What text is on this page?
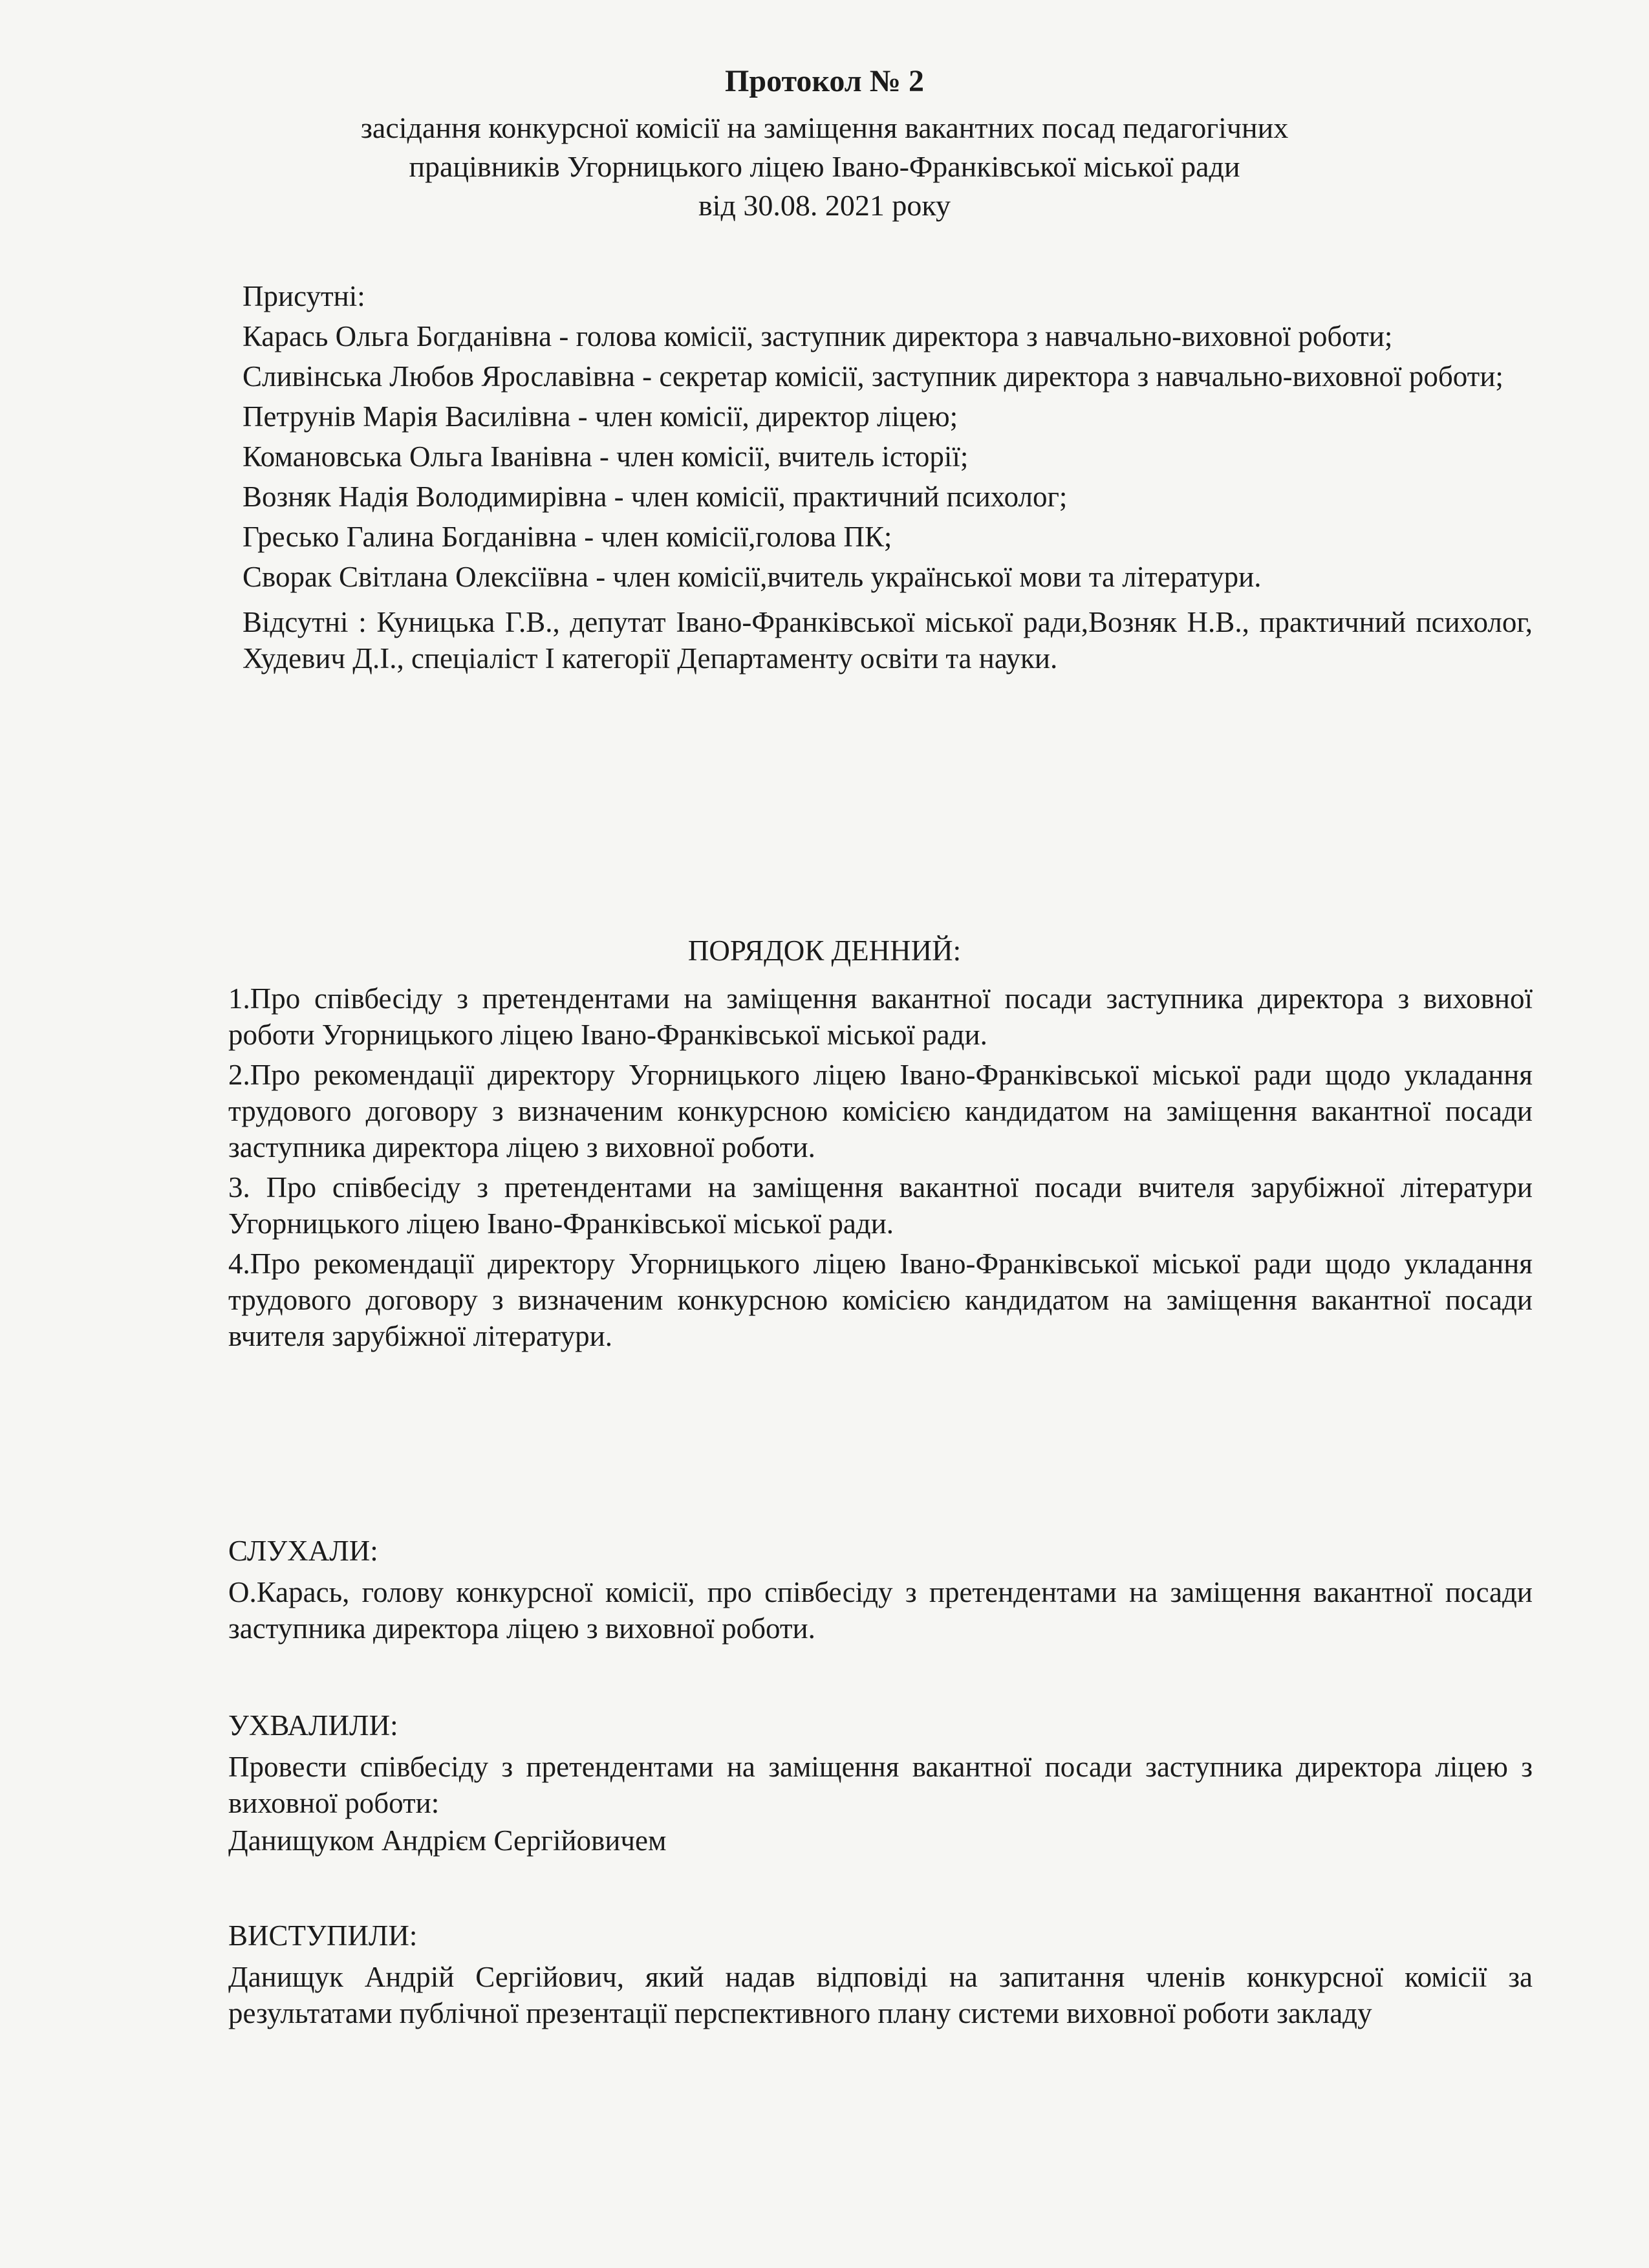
Протокол № 2
засідання конкурсної комісії на заміщення вакантних посад педагогічних
працівників Угорницького ліцею Івано-Франківської міської ради
від 30.08. 2021 року

Присутні:

Карась Ольга Богданівна - голова комісії, заступник директора з навчально-виховної роботи;

Сливінська Любов Ярославівна - секретар комісії, заступник директора з навчально-виховної роботи;

Петрунів Марія Василівна - член комісії, директор ліцею;

Комановська Ольга Іванівна - член комісії, вчитель історії;

Возняк Надія Володимирівна - член комісії, практичний психолог;

Гресько Галина Богданівна - член комісії,голова ПК;

Сворак Світлана Олексіївна - член комісії,вчитель української мови та літератури.

Відсутні : Куницька Г.В., депутат Івано-Франківської міської ради,Возняк Н.В., практичний психолог, Худевич Д.І., спеціаліст І категорії Департаменту освіти та науки.

ПОРЯДОК ДЕННИЙ:

1.Про співбесіду з претендентами на заміщення вакантної посади заступника директора з виховної роботи Угорницького ліцею Івано-Франківської міської ради.

2.Про рекомендації директору Угорницького ліцею Івано-Франківської міської ради щодо укладання трудового договору з визначеним конкурсною комісією кандидатом на заміщення вакантної посади заступника директора ліцею з виховної роботи.

3. Про співбесіду з претендентами на заміщення вакантної посади вчителя зарубіжної літератури Угорницького ліцею Івано-Франківської міської ради.

4.Про рекомендації директору Угорницького ліцею Івано-Франківської міської ради щодо укладання трудового договору з визначеним конкурсною комісією кандидатом на заміщення вакантної посади вчителя зарубіжної літератури.

СЛУХАЛИ:

О.Карась, голову конкурсної комісії, про співбесіду з претендентами на заміщення вакантної посади заступника директора ліцею з виховної роботи.

УХВАЛИЛИ:

Провести співбесіду з претендентами на заміщення вакантної посади заступника директора ліцею з виховної роботи:

Данищуком Андрієм Сергійовичем

ВИСТУПИЛИ:

Данищук Андрій Сергійович, який надав відповіді на запитання членів конкурсної комісії за результатами публічної презентації перспективного плану системи виховної роботи закладу
